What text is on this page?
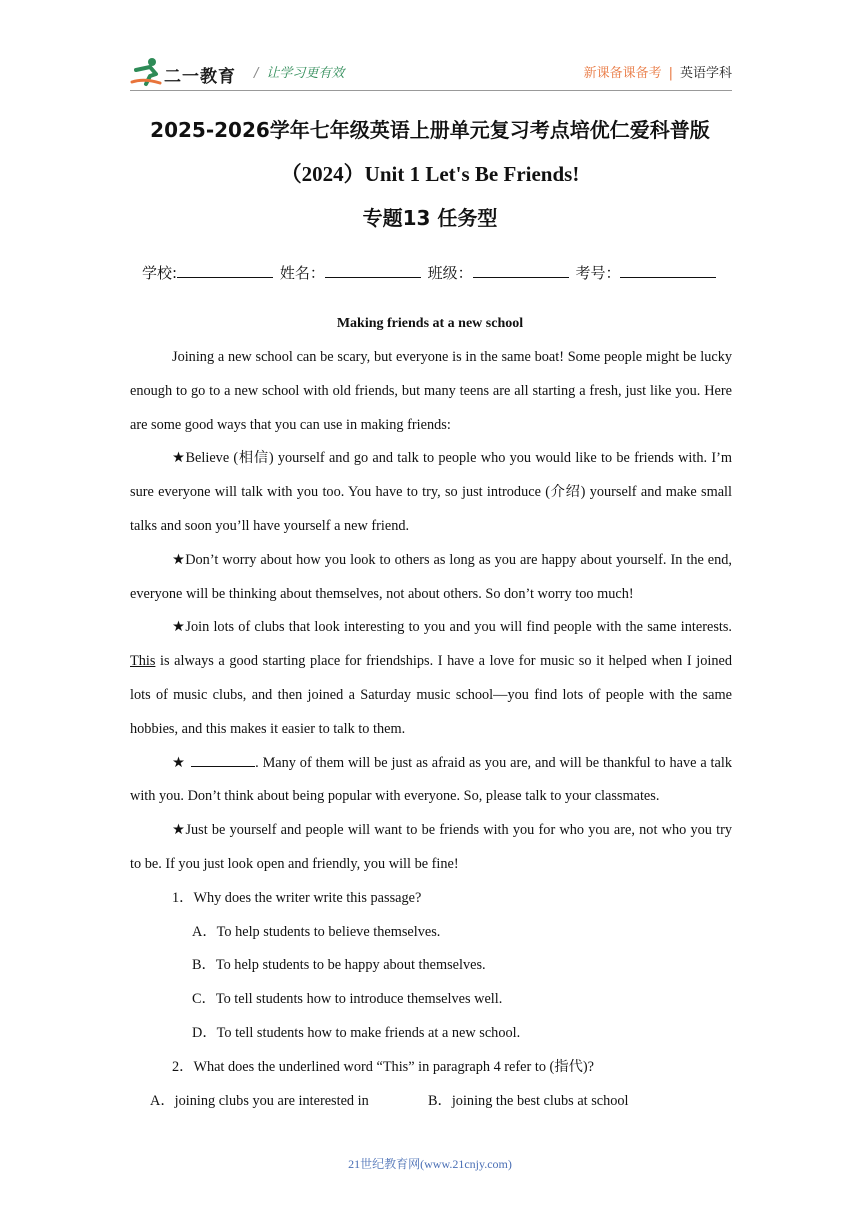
二一教育 / 让学习更有效	新课备课备考 | 英语学科
2025-2026学年七年级英语上册单元复习考点培优仁爱科普版
（2024）Unit 1 Let's Be Friends!
专题13 任务型
学校:	姓名：	班级：	考号：
Making friends at a new school

Joining a new school can be scary, but everyone is in the same boat! Some people might be lucky enough to go to a new school with old friends, but many teens are all starting a fresh, just like you. Here are some good ways that you can use in making friends:

★Believe (相信) yourself and go and talk to people who you would like to be friends with. I’m sure everyone will talk with you too. You have to try, so just introduce (介绍) yourself and make small talks and soon you’ll have yourself a new friend.

★Don’t worry about how you look to others as long as you are happy about yourself. In the end, everyone will be thinking about themselves, not about others. So don’t worry too much!

★Join lots of clubs that look interesting to you and you will find people with the same interests. This is always a good starting place for friendships. I have a love for music so it helped when I joined lots of music clubs, and then joined a Saturday music school—you find lots of people with the same hobbies, and this makes it easier to talk to them.

★	. Many of them will be just as afraid as you are, and will be thankful to have a talk with you. Don’t think about being popular with everyone. So, please talk to your classmates.

★Just be yourself and people will want to be friends with you for who you are, not who you try to be. If you just look open and friendly, you will be fine!

1．Why does the writer write this passage?

A．To help students to believe themselves.

B．To help students to be happy about themselves.

C．To tell students how to introduce themselves well.

D．To tell students how to make friends at a new school.

2．What does the underlined word “This” in paragraph 4 refer to (指代)?

A．joining clubs you are interested in	B．joining the best clubs at school
21世纪教育网(www.21cnjy.com)
